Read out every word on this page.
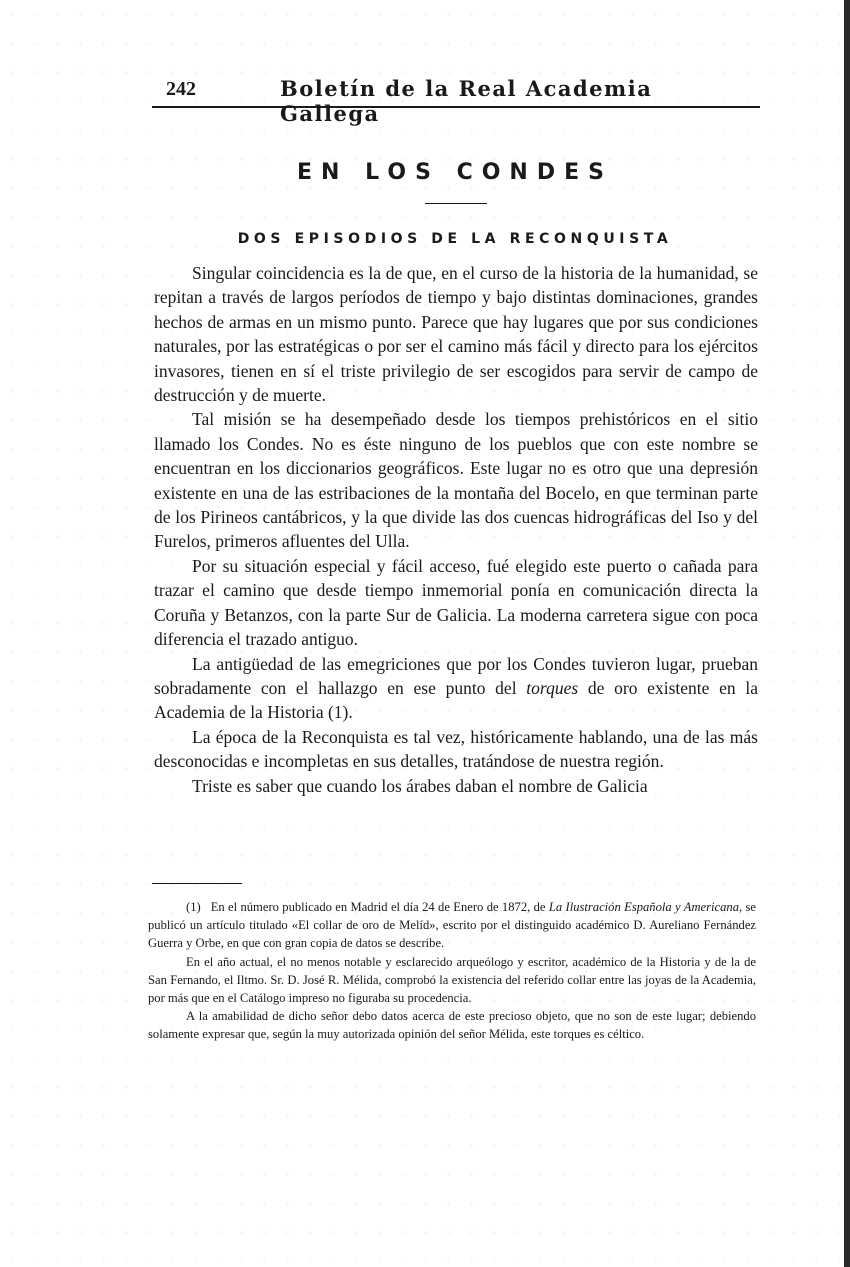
242	Boletín de la Real Academia Gallega
EN LOS CONDES
DOS EPISODIOS DE LA RECONQUISTA

Singular coincidencia es la de que, en el curso de la historia de la humanidad, se repitan a través de largos períodos de tiempo y bajo distintas dominaciones, grandes hechos de armas en un mismo punto. Parece que hay lugares que por sus condiciones naturales, por las estratégicas o por ser el camino más fácil y directo para los ejércitos invasores, tienen en sí el triste privilegio de ser escogidos para servir de campo de destrucción y de muerte.

Tal misión se ha desempeñado desde los tiempos prehistóricos en el sitio llamado los Condes. No es éste ninguno de los pueblos que con este nombre se encuentran en los diccionarios geográficos. Este lugar no es otro que una depresión existente en una de las estribaciones de la montaña del Bocelo, en que terminan parte de los Pirineos cantábricos, y la que divide las dos cuencas hidrográficas del Iso y del Furelos, primeros afluentes del Ulla.

Por su situación especial y fácil acceso, fué elegido este puerto o cañada para trazar el camino que desde tiempo inmemorial ponía en comunicación directa la Coruña y Betanzos, con la parte Sur de Galicia. La moderna carretera sigue con poca diferencia el trazado antiguo.

La antigüedad de las emegriciones que por los Condes tuvieron lugar, prueban sobradamente con el hallazgo en ese punto del torques de oro existente en la Academia de la Historia (1).

La época de la Reconquista es tal vez, históricamente hablando, una de las más desconocidas e incompletas en sus detalles, tratándose de nuestra región.

Triste es saber que cuando los árabes daban el nombre de Galicia

(1) En el número publicado en Madrid el día 24 de Enero de 1872, de La Ilustración Española y Americana, se publicó un artículo titulado «El collar de oro de Melíd», escrito por el distinguido académico D. Aureliano Fernández Guerra y Orbe, en que con gran copia de datos se describe.

En el año actual, el no menos notable y esclarecido arqueólogo y escritor, académico de la Historia y de la de San Fernando, el Iltmo. Sr. D. José R. Mélida, comprobó la existencia del referido collar entre las joyas de la Academia, por más que en el Catálogo impreso no figuraba su procedencia.

A la amabilidad de dicho señor debo datos acerca de este precioso objeto, que no son de este lugar; debiendo solamente expresar que, según la muy autorizada opinión del señor Mélida, este torques es céltico.
